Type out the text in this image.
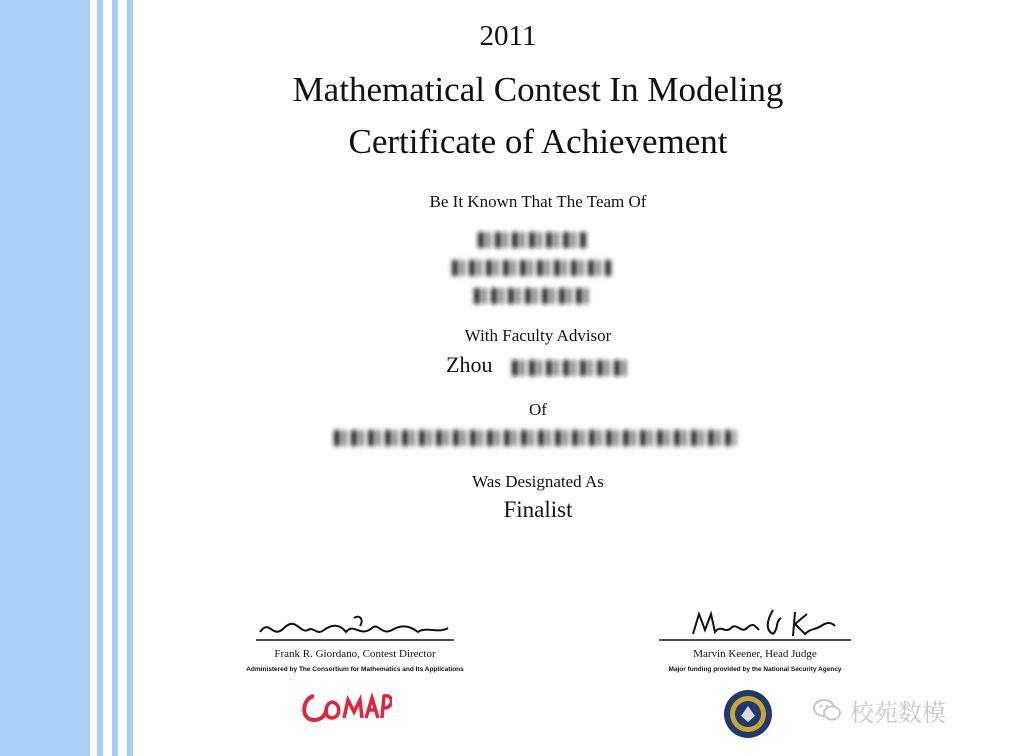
2011
Mathematical Contest In Modeling
Certificate of Achievement
Be It Known That The Team Of
With Faculty Advisor
Zhou
Of
Was Designated As
Finalist
Frank R. Giordano, Contest Director
Administered by The Consortium for Mathematics and Its Applications
Marvin Keener, Head Judge
Major funding provided by the National Security Agency
校苑数模
